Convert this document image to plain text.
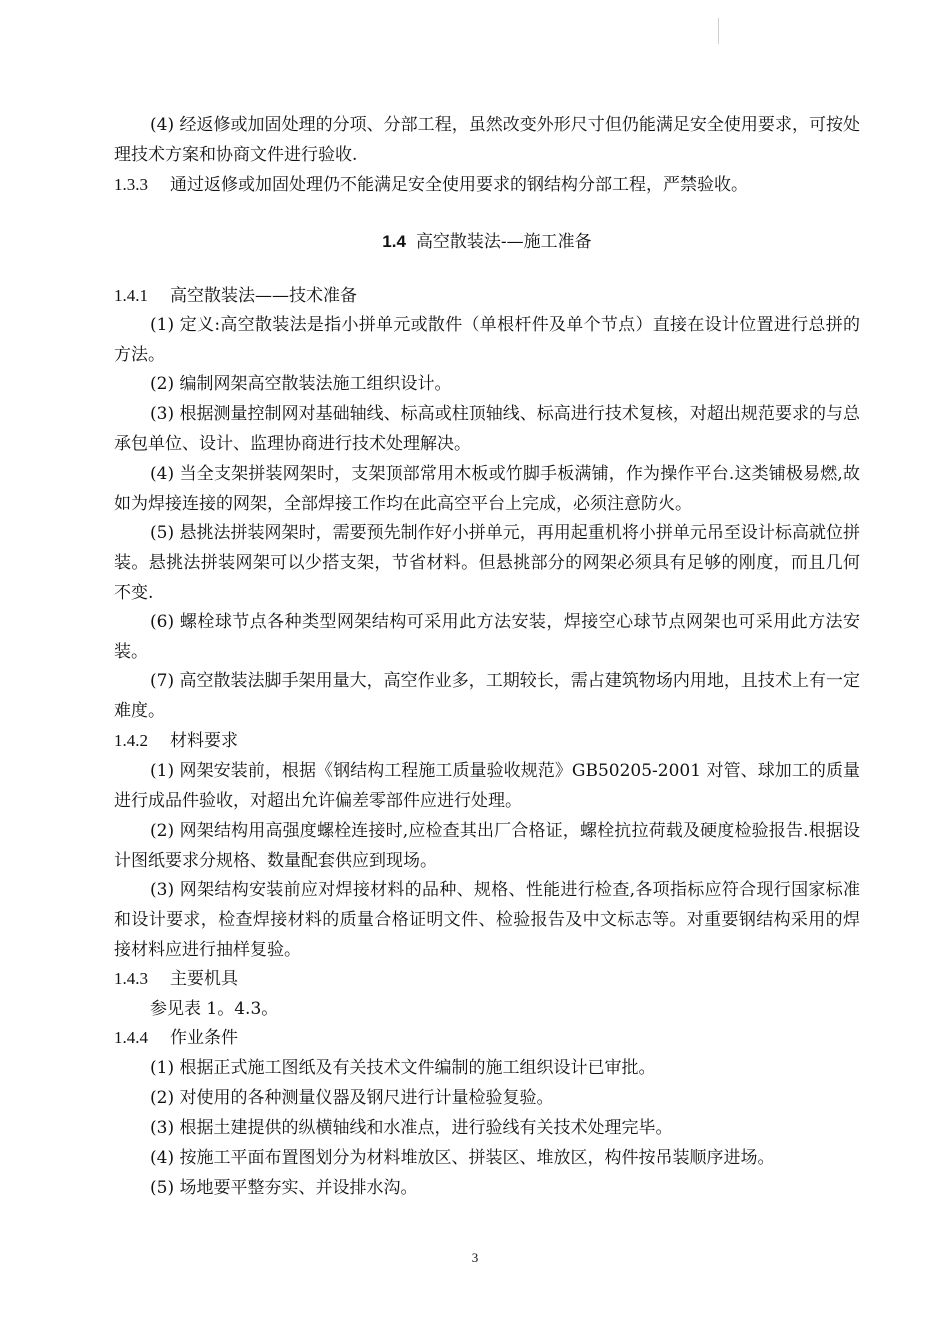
(4) 经返修或加固处理的分项、分部工程，虽然改变外形尺寸但仍能满足安全使用要求，可按处理技术方案和协商文件进行验收.

1.3.3 通过返修或加固处理仍不能满足安全使用要求的钢结构分部工程，严禁验收。

1.4 高空散装法-—施工准备

1.4.1 高空散装法——技术准备

(1) 定义:高空散装法是指小拼单元或散件（单根杆件及单个节点）直接在设计位置进行总拼的方法。

(2) 编制网架高空散装法施工组织设计。

(3) 根据测量控制网对基础轴线、标高或柱顶轴线、标高进行技术复核，对超出规范要求的与总承包单位、设计、监理协商进行技术处理解决。

(4) 当全支架拼装网架时，支架顶部常用木板或竹脚手板满铺，作为操作平台.这类铺极易燃,故如为焊接连接的网架，全部焊接工作均在此高空平台上完成，必须注意防火。

(5) 悬挑法拼装网架时，需要预先制作好小拼单元，再用起重机将小拼单元吊至设计标高就位拼装。悬挑法拼装网架可以少搭支架，节省材料。但悬挑部分的网架必须具有足够的刚度，而且几何不变.

(6) 螺栓球节点各种类型网架结构可采用此方法安装，焊接空心球节点网架也可采用此方法安装。

(7) 高空散装法脚手架用量大，高空作业多，工期较长，需占建筑物场内用地，且技术上有一定难度。

1.4.2 材料要求

(1) 网架安装前，根据《钢结构工程施工质量验收规范》GB50205-2001 对管、球加工的质量进行成品件验收，对超出允许偏差零部件应进行处理。

(2) 网架结构用高强度螺栓连接时,应检查其出厂合格证，螺栓抗拉荷载及硬度检验报告.根据设计图纸要求分规格、数量配套供应到现场。

(3) 网架结构安装前应对焊接材料的品种、规格、性能进行检查,各项指标应符合现行国家标准和设计要求，检查焊接材料的质量合格证明文件、检验报告及中文标志等。对重要钢结构采用的焊接材料应进行抽样复验。

1.4.3 主要机具

参见表 1。4.3。

1.4.4 作业条件

(1) 根据正式施工图纸及有关技术文件编制的施工组织设计已审批。

(2) 对使用的各种测量仪器及钢尺进行计量检验复验。

(3) 根据土建提供的纵横轴线和水准点，进行验线有关技术处理完毕。

(4) 按施工平面布置图划分为材料堆放区、拼装区、堆放区，构件按吊装顺序进场。

(5) 场地要平整夯实、并设排水沟。

3
